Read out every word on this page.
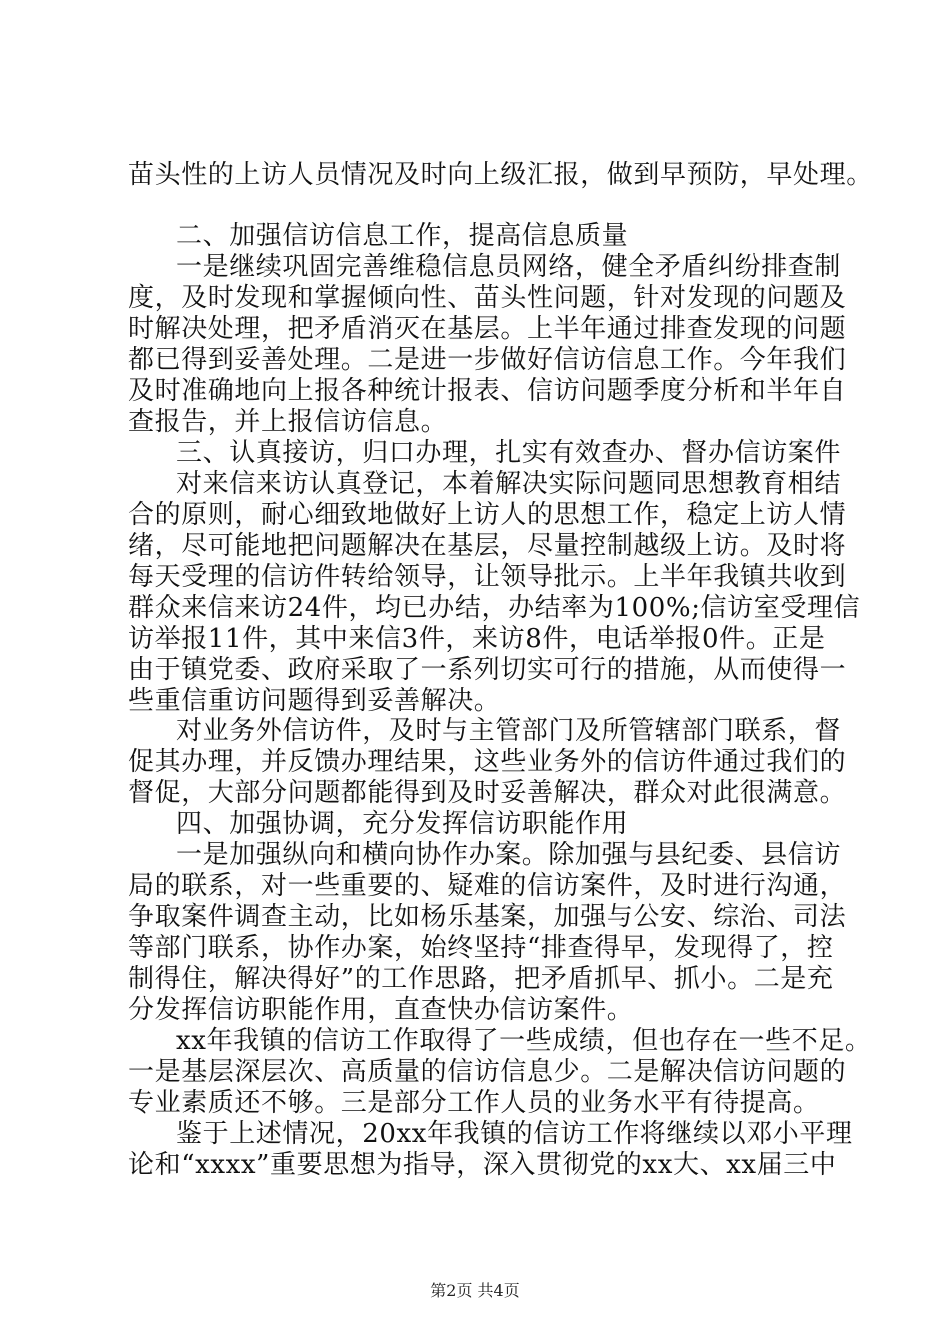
苗头性的上访人员情况及时向上级汇报，做到早预防，早处理。
二、加强信访信息工作，提高信息质量
一是继续巩固完善维稳信息员网络，健全矛盾纠纷排查制
度，及时发现和掌握倾向性、苗头性问题，针对发现的问题及
时解决处理，把矛盾消灭在基层。上半年通过排查发现的问题
都已得到妥善处理。二是进一步做好信访信息工作。今年我们
及时准确地向上报各种统计报表、信访问题季度分析和半年自
查报告，并上报信访信息。
三、认真接访，归口办理，扎实有效查办、督办信访案件
对来信来访认真登记，本着解决实际问题同思想教育相结
合的原则，耐心细致地做好上访人的思想工作，稳定上访人情
绪，尽可能地把问题解决在基层，尽量控制越级上访。及时将
每天受理的信访件转给领导，让领导批示。上半年我镇共收到
群众来信来访24件，均已办结，办结率为100%;信访室受理信
访举报11件，其中来信3件，来访8件，电话举报0件。正是
由于镇党委、政府采取了一系列切实可行的措施，从而使得一
些重信重访问题得到妥善解决。
对业务外信访件，及时与主管部门及所管辖部门联系，督
促其办理，并反馈办理结果，这些业务外的信访件通过我们的
督促，大部分问题都能得到及时妥善解决，群众对此很满意。
四、加强协调，充分发挥信访职能作用
一是加强纵向和横向协作办案。除加强与县纪委、县信访
局的联系，对一些重要的、疑难的信访案件，及时进行沟通，
争取案件调查主动，比如杨乐基案，加强与公安、综治、司法
等部门联系，协作办案，始终坚持“排查得早，发现得了，控
制得住，解决得好”的工作思路，把矛盾抓早、抓小。二是充
分发挥信访职能作用，直查快办信访案件。
xx年我镇的信访工作取得了一些成绩，但也存在一些不足。
一是基层深层次、高质量的信访信息少。二是解决信访问题的
专业素质还不够。三是部分工作人员的业务水平有待提高。
鉴于上述情况，20xx年我镇的信访工作将继续以邓小平理
论和“xxxx”重要思想为指导，深入贯彻党的xx大、xx届三中
第2页 共4页
